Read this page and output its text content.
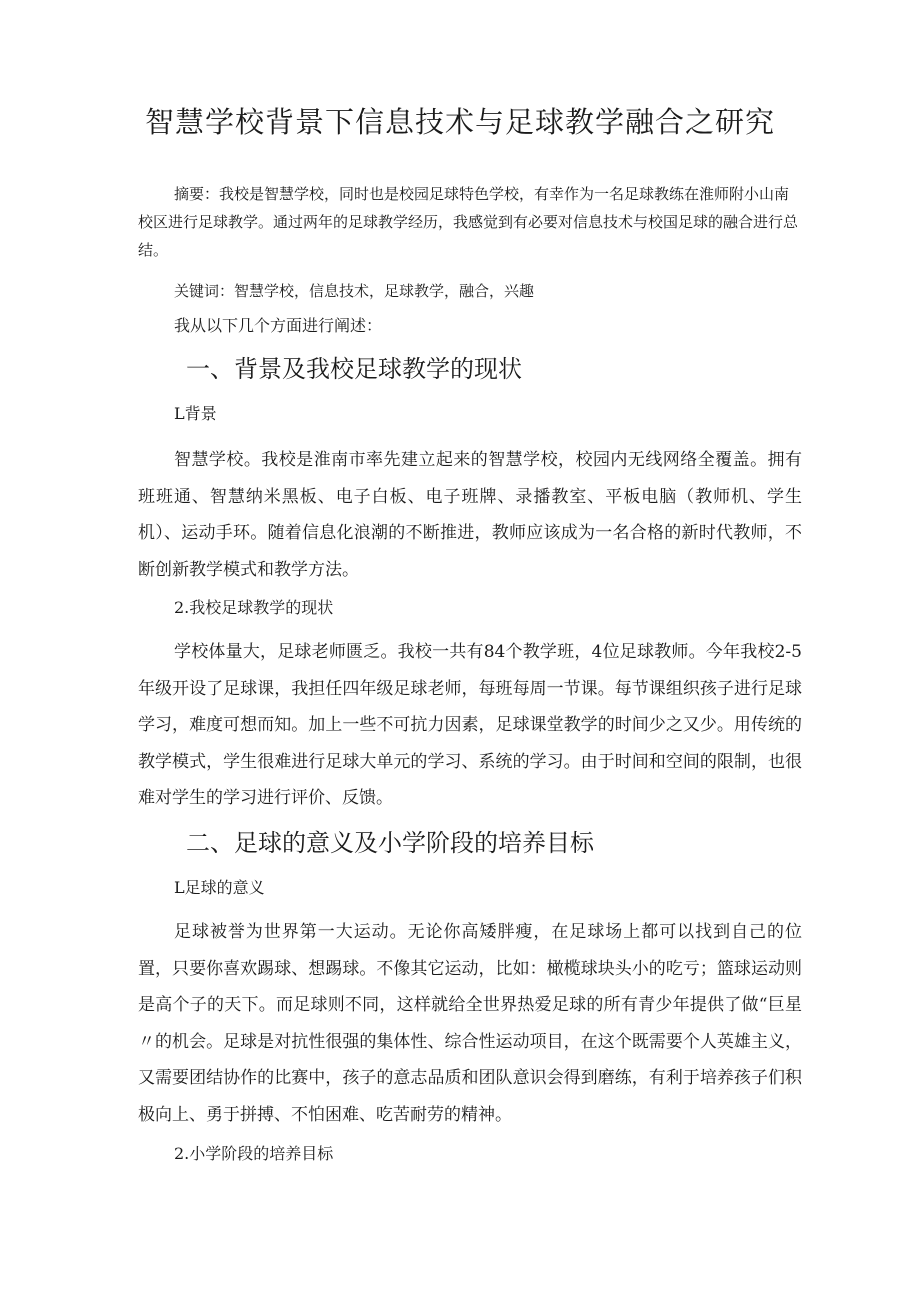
智慧学校背景下信息技术与足球教学融合之研究

摘要：我校是智慧学校，同时也是校园足球特色学校，有幸作为一名足球教练在淮师附小山南校区进行足球教学。通过两年的足球教学经历，我感觉到有必要对信息技术与校国足球的融合进行总结。

关键词：智慧学校，信息技术，足球教学，融合，兴趣

我从以下几个方面进行阐述：

一、背景及我校足球教学的现状

L背景

智慧学校。我校是淮南市率先建立起来的智慧学校，校园内无线网络全覆盖。拥有班班通、智慧纳米黑板、电子白板、电子班牌、录播教室、平板电脑（教师机、学生机）、运动手环。随着信息化浪潮的不断推进，教师应该成为一名合格的新时代教师，不断创新教学模式和教学方法。

2.我校足球教学的现状

学校体量大，足球老师匮乏。我校一共有84个教学班，4位足球教师。今年我校2-5年级开设了足球课，我担任四年级足球老师，每班每周一节课。每节课组织孩子进行足球学习，难度可想而知。加上一些不可抗力因素，足球课堂教学的时间少之又少。用传统的教学模式，学生很难进行足球大单元的学习、系统的学习。由于时间和空间的限制，也很难对学生的学习进行评价、反馈。

二、足球的意义及小学阶段的培养目标

L足球的意义

足球被誉为世界第一大运动。无论你高矮胖瘦，在足球场上都可以找到自己的位置，只要你喜欢踢球、想踢球。不像其它运动，比如：橄榄球块头小的吃亏；篮球运动则是高个子的天下。而足球则不同，这样就给全世界热爱足球的所有青少年提供了做“巨星〃的机会。足球是对抗性很强的集体性、综合性运动项目，在这个既需要个人英雄主义，又需要团结协作的比赛中，孩子的意志品质和团队意识会得到磨练，有利于培养孩子们积极向上、勇于拼搏、不怕困难、吃苦耐劳的精神。

2.小学阶段的培养目标
